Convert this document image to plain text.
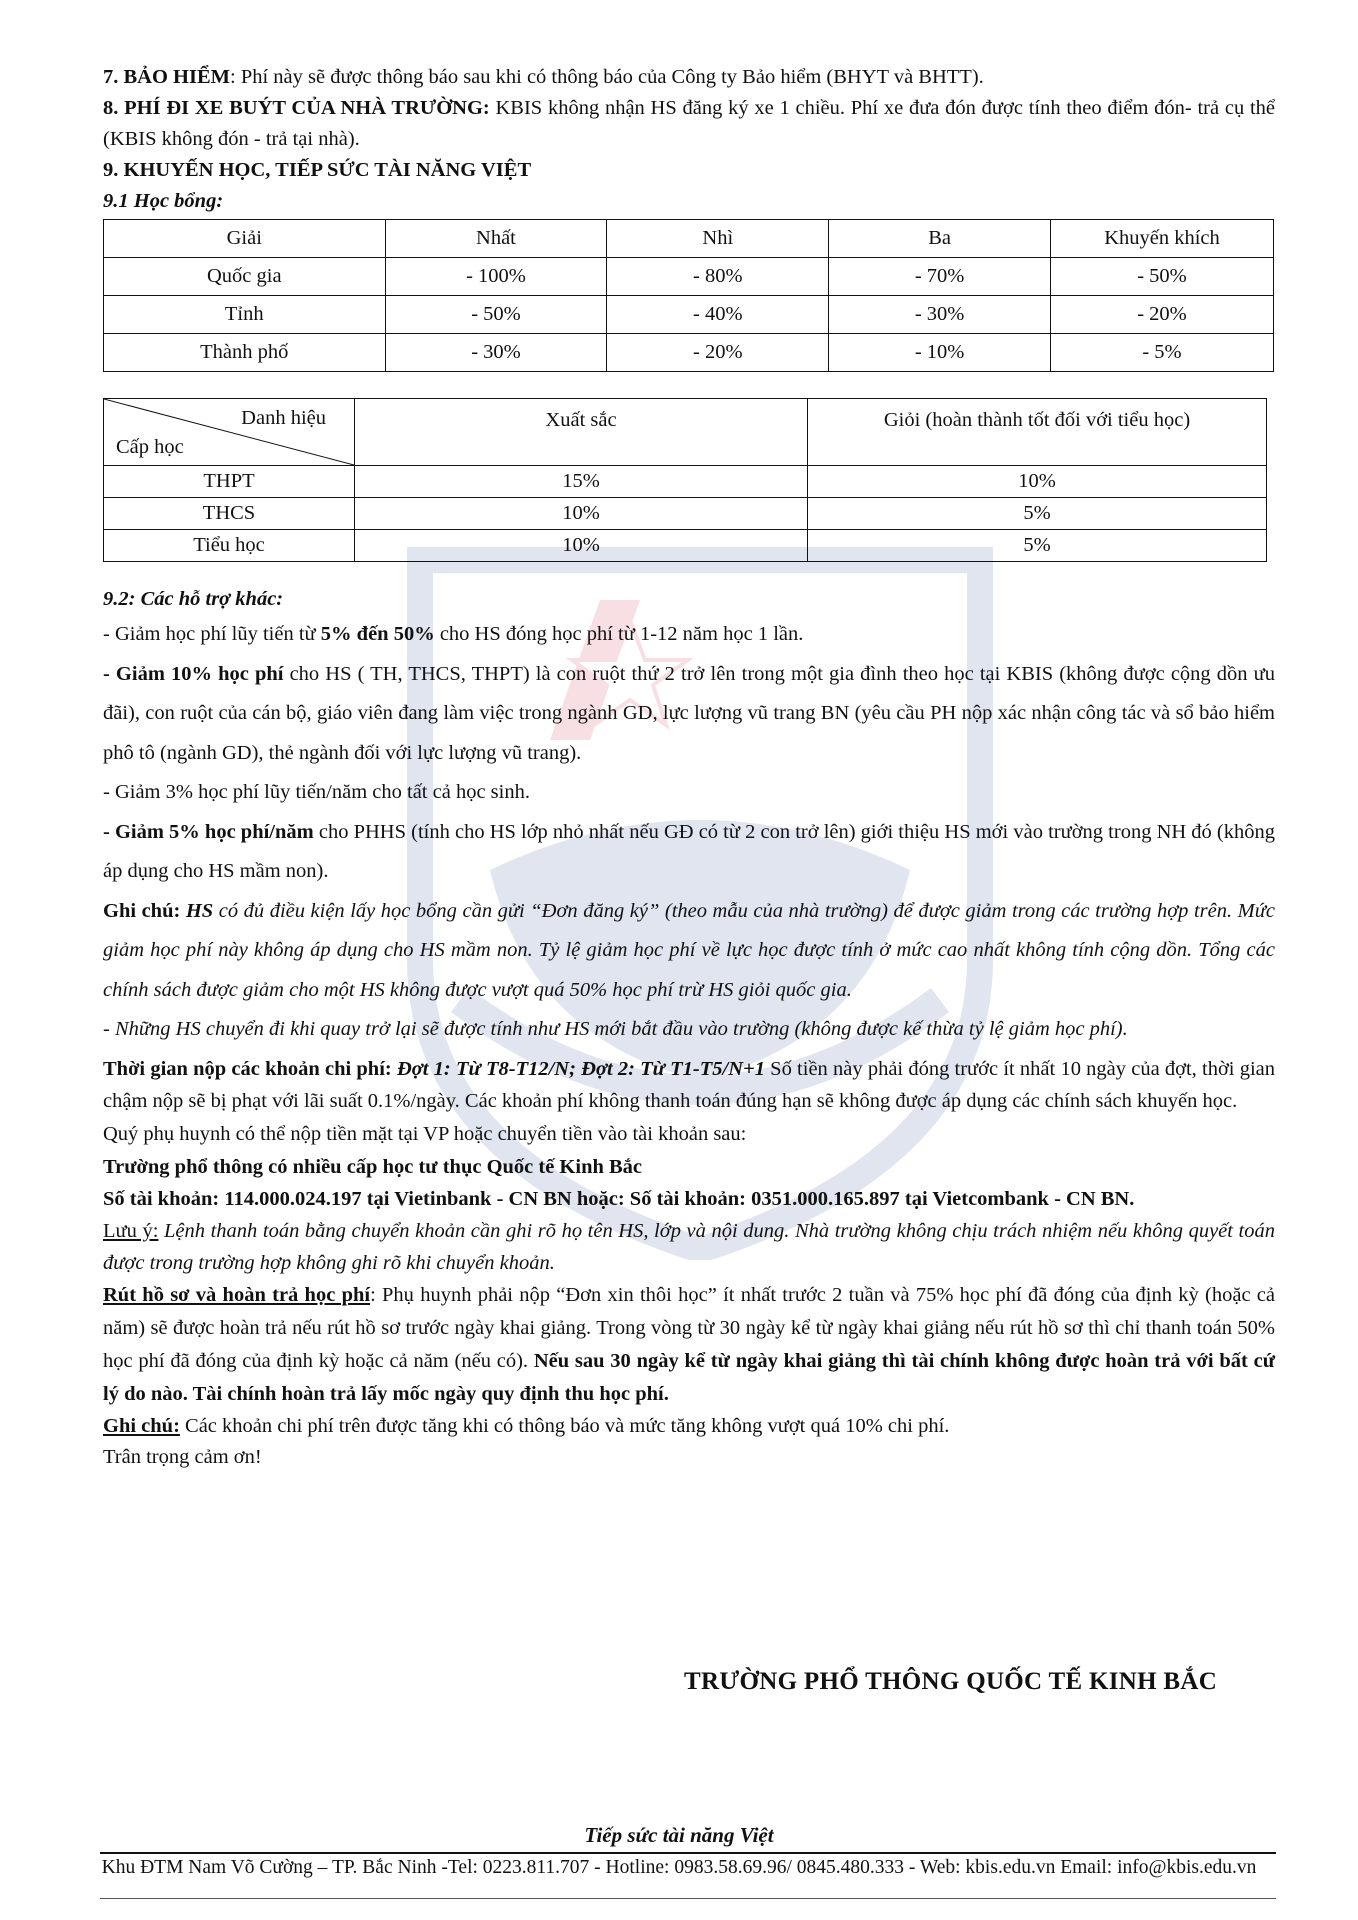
7. BẢO HIỂM: Phí này sẽ được thông báo sau khi có thông báo của Công ty Bảo hiểm (BHYT và BHTT).

8. PHÍ ĐI XE BUÝT CỦA NHÀ TRƯỜNG: KBIS không nhận HS đăng ký xe 1 chiều. Phí xe đưa đón được tính theo điểm đón- trả cụ thể (KBIS không đón - trả tại nhà).

9. KHUYẾN HỌC, TIẾP SỨC TÀI NĂNG VIỆT

9.1 Học bổng:

Giải	Nhất	Nhì	Ba	Khuyến khích
Quốc gia	- 100%	- 80%	- 70%	- 50%
Tỉnh	- 50%	- 40%	- 30%	- 20%
Thành phố	- 30%	- 20%	- 10%	- 5%
Danh hiệu
Cấp học	Xuất sắc	Giỏi (hoàn thành tốt đối với tiểu học)
THPT	15%	10%
THCS	10%	5%
Tiểu học	10%	5%

9.2: Các hỗ trợ khác:

- Giảm học phí lũy tiến từ 5% đến 50% cho HS đóng học phí từ 1-12 năm học 1 lần.

- Giảm 10% học phí cho HS ( TH, THCS, THPT) là con ruột thứ 2 trở lên trong một gia đình theo học tại KBIS (không được cộng dồn ưu đãi), con ruột của cán bộ, giáo viên đang làm việc trong ngành GD, lực lượng vũ trang BN (yêu cầu PH nộp xác nhận công tác và sổ bảo hiểm phô tô (ngành GD), thẻ ngành đối với lực lượng vũ trang).

- Giảm 3% học phí lũy tiến/năm cho tất cả học sinh.

- Giảm 5% học phí/năm cho PHHS (tính cho HS lớp nhỏ nhất nếu GĐ có từ 2 con trở lên) giới thiệu HS mới vào trường trong NH đó (không áp dụng cho HS mầm non).

Ghi chú: HS có đủ điều kiện lấy học bổng cần gửi “Đơn đăng ký” (theo mẫu của nhà trường) để được giảm trong các trường hợp trên. Mức giảm học phí này không áp dụng cho HS mầm non. Tỷ lệ giảm học phí về lực học được tính ở mức cao nhất không tính cộng dồn. Tổng các chính sách được giảm cho một HS không được vượt quá 50% học phí trừ HS giỏi quốc gia.

- Những HS chuyển đi khi quay trở lại sẽ được tính như HS mới bắt đầu vào trường (không được kế thừa tỷ lệ giảm học phí).

Thời gian nộp các khoản chi phí: Đợt 1: Từ T8-T12/N; Đợt 2: Từ T1-T5/N+1 Số tiền này phải đóng trước ít nhất 10 ngày của đợt, thời gian chậm nộp sẽ bị phạt với lãi suất 0.1%/ngày. Các khoản phí không thanh toán đúng hạn sẽ không được áp dụng các chính sách khuyến học.

Quý phụ huynh có thể nộp tiền mặt tại VP hoặc chuyển tiền vào tài khoản sau:

Trường phổ thông có nhiều cấp học tư thục Quốc tế Kinh Bắc

Số tài khoản: 114.000.024.197 tại Vietinbank - CN BN hoặc: Số tài khoản: 0351.000.165.897 tại Vietcombank - CN BN.

Lưu ý: Lệnh thanh toán bằng chuyển khoản cần ghi rõ họ tên HS, lớp và nội dung. Nhà trường không chịu trách nhiệm nếu không quyết toán được trong trường hợp không ghi rõ khi chuyển khoản.

Rút hồ sơ và hoàn trả học phí: Phụ huynh phải nộp “Đơn xin thôi học” ít nhất trước 2 tuần và 75% học phí đã đóng của định kỳ (hoặc cả năm) sẽ được hoàn trả nếu rút hồ sơ trước ngày khai giảng. Trong vòng từ 30 ngày kể từ ngày khai giảng nếu rút hồ sơ thì chỉ thanh toán 50% học phí đã đóng của định kỳ hoặc cả năm (nếu có). Nếu sau 30 ngày kể từ ngày khai giảng thì tài chính không được hoàn trả với bất cứ lý do nào. Tài chính hoàn trả lấy mốc ngày quy định thu học phí.

Ghi chú: Các khoản chi phí trên được tăng khi có thông báo và mức tăng không vượt quá 10% chi phí.

Trân trọng cảm ơn!

TRƯỜNG PHỔ THÔNG QUỐC TẾ KINH BẮC
Tiếp sức tài năng Việt
Khu ĐTM Nam Võ Cường – TP. Bắc Ninh -Tel: 0223.811.707 - Hotline: 0983.58.69.96/ 0845.480.333 - Web: kbis.edu.vn Email: info@kbis.edu.vn
